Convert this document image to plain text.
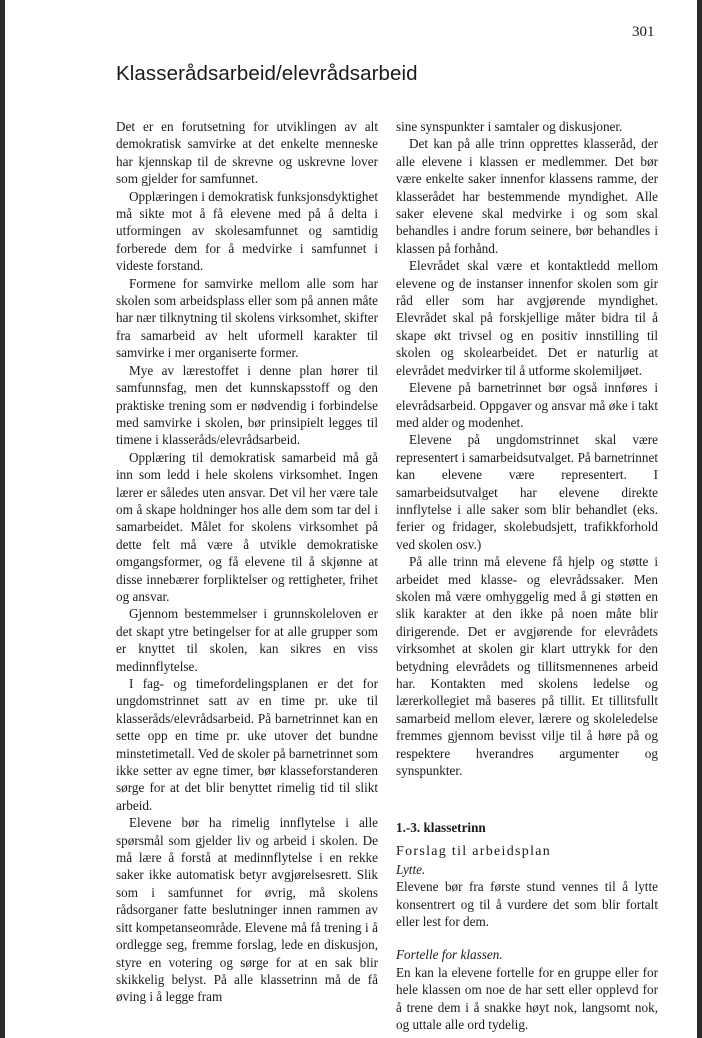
301
Klasserådsarbeid/elevrådsarbeid

Det er en forutsetning for utviklingen av alt demokratisk samvirke at det enkelte menneske har kjennskap til de skrevne og uskrevne lover som gjelder for samfunnet.

Opplæringen i demokratisk funksjonsdyktighet må sikte mot å få elevene med på å delta i utformingen av skolesamfunnet og samtidig forberede dem for å medvirke i samfunnet i videste forstand.

Formene for samvirke mellom alle som har skolen som arbeidsplass eller som på annen måte har nær tilknytning til skolens virksomhet, skifter fra samarbeid av helt uformell karakter til samvirke i mer organiserte former.

Mye av lærestoffet i denne plan hører til samfunnsfag, men det kunnskapsstoff og den praktiske trening som er nødvendig i forbindelse med samvirke i skolen, bør prinsipielt legges til timene i klasseråds/elevrådsarbeid.

Opplæring til demokratisk samarbeid må gå inn som ledd i hele skolens virksomhet. Ingen lærer er således uten ansvar. Det vil her være tale om å skape holdninger hos alle dem som tar del i samarbeidet. Målet for skolens virksomhet på dette felt må være å utvikle demokratiske omgangsformer, og få elevene til å skjønne at disse innebærer forpliktelser og rettigheter, frihet og ansvar.

Gjennom bestemmelser i grunnskoleloven er det skapt ytre betingelser for at alle grupper som er knyttet til skolen, kan sikres en viss medinnflytelse.

I fag- og timefordelingsplanen er det for ungdomstrinnet satt av en time pr. uke til klasseråds/elevrådsarbeid. På barnetrinnet kan en sette opp en time pr. uke utover det bundne minstetimetall. Ved de skoler på barnetrinnet som ikke setter av egne timer, bør klasseforstanderen sørge for at det blir benyttet rimelig tid til slikt arbeid.

Elevene bør ha rimelig innflytelse i alle spørsmål som gjelder liv og arbeid i skolen. De må lære å forstå at medinnflytelse i en rekke saker ikke automatisk betyr avgjørelsesrett. Slik som i samfunnet for øvrig, må skolens rådsorganer fatte beslutninger innen rammen av sitt kompetanseområde. Elevene må få trening i å ordlegge seg, fremme forslag, lede en diskusjon, styre en votering og sørge for at en sak blir skikkelig belyst. På alle klassetrinn må de få øving i å legge fram

sine synspunkter i samtaler og diskusjoner.

Det kan på alle trinn opprettes klasseråd, der alle elevene i klassen er medlemmer. Det bør være enkelte saker innenfor klassens ramme, der klasserådet har bestemmende myndighet. Alle saker elevene skal medvirke i og som skal behandles i andre forum seinere, bør behandles i klassen på forhånd.

Elevrådet skal være et kontaktledd mellom elevene og de instanser innenfor skolen som gir råd eller som har avgjørende myndighet. Elevrådet skal på forskjellige måter bidra til å skape økt trivsel og en positiv innstilling til skolen og skolearbeidet. Det er naturlig at elevrådet medvirker til å utforme skolemiljøet.

Elevene på barnetrinnet bør også innføres i elevrådsarbeid. Oppgaver og ansvar må øke i takt med alder og modenhet.

Elevene på ungdomstrinnet skal være representert i samarbeidsutvalget. På barnetrinnet kan elevene være representert. I samarbeidsutvalget har elevene direkte innflytelse i alle saker som blir behandlet (eks. ferier og fridager, skolebudsjett, trafikkforhold ved skolen osv.)

På alle trinn må elevene få hjelp og støtte i arbeidet med klasse- og elevrådssaker. Men skolen må være omhyggelig med å gi støtten en slik karakter at den ikke på noen måte blir dirigerende. Det er avgjørende for elevrådets virksomhet at skolen gir klart uttrykk for den betydning elevrådets og tillitsmennenes arbeid har. Kontakten med skolens ledelse og lærerkollegiet må baseres på tillit. Et tillitsfullt samarbeid mellom elever, lærere og skoleledelse fremmes gjennom bevisst vilje til å høre på og respektere hverandres argumenter og synspunkter.

1.-3. klassetrinn
Forslag til arbeidsplan
Lytte.

Elevene bør fra første stund vennes til å lytte konsentrert og til å vurdere det som blir fortalt eller lest for dem.

Fortelle for klassen.

En kan la elevene fortelle for en gruppe eller for hele klassen om noe de har sett eller opplevd for å trene dem i å snakke høyt nok, langsomt nok, og uttale alle ord tydelig.
